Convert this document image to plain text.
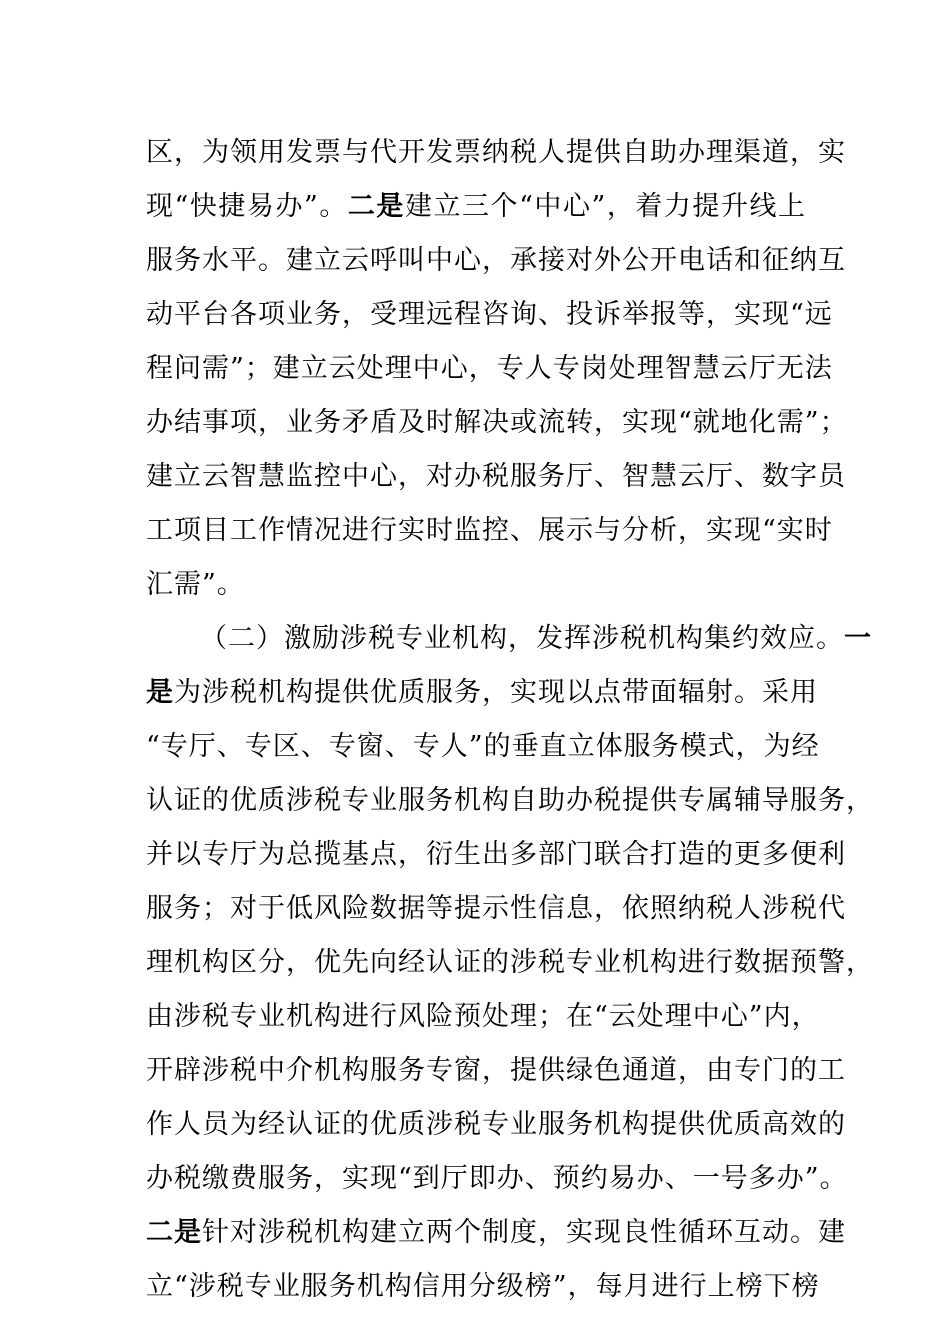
区，为领用发票与代开发票纳税人提供自助办理渠道，实
现“快捷易办”。二是建立三个“中心”，着力提升线上
服务水平。建立云呼叫中心，承接对外公开电话和征纳互
动平台各项业务，受理远程咨询、投诉举报等，实现“远
程问需”；建立云处理中心，专人专岗处理智慧云厅无法
办结事项，业务矛盾及时解决或流转，实现“就地化需”；
建立云智慧监控中心，对办税服务厅、智慧云厅、数字员
工项目工作情况进行实时监控、展示与分析，实现“实时
汇需”。
（二）激励涉税专业机构，发挥涉税机构集约效应。一
是为涉税机构提供优质服务，实现以点带面辐射。采用
“专厅、专区、专窗、专人”的垂直立体服务模式，为经
认证的优质涉税专业服务机构自助办税提供专属辅导服务，
并以专厅为总揽基点，衍生出多部门联合打造的更多便利
服务；对于低风险数据等提示性信息，依照纳税人涉税代
理机构区分，优先向经认证的涉税专业机构进行数据预警，
由涉税专业机构进行风险预处理；在“云处理中心”内，
开辟涉税中介机构服务专窗，提供绿色通道，由专门的工
作人员为经认证的优质涉税专业服务机构提供优质高效的
办税缴费服务，实现“到厅即办、预约易办、一号多办”。
二是针对涉税机构建立两个制度，实现良性循环互动。建
立“涉税专业服务机构信用分级榜”，每月进行上榜下榜
